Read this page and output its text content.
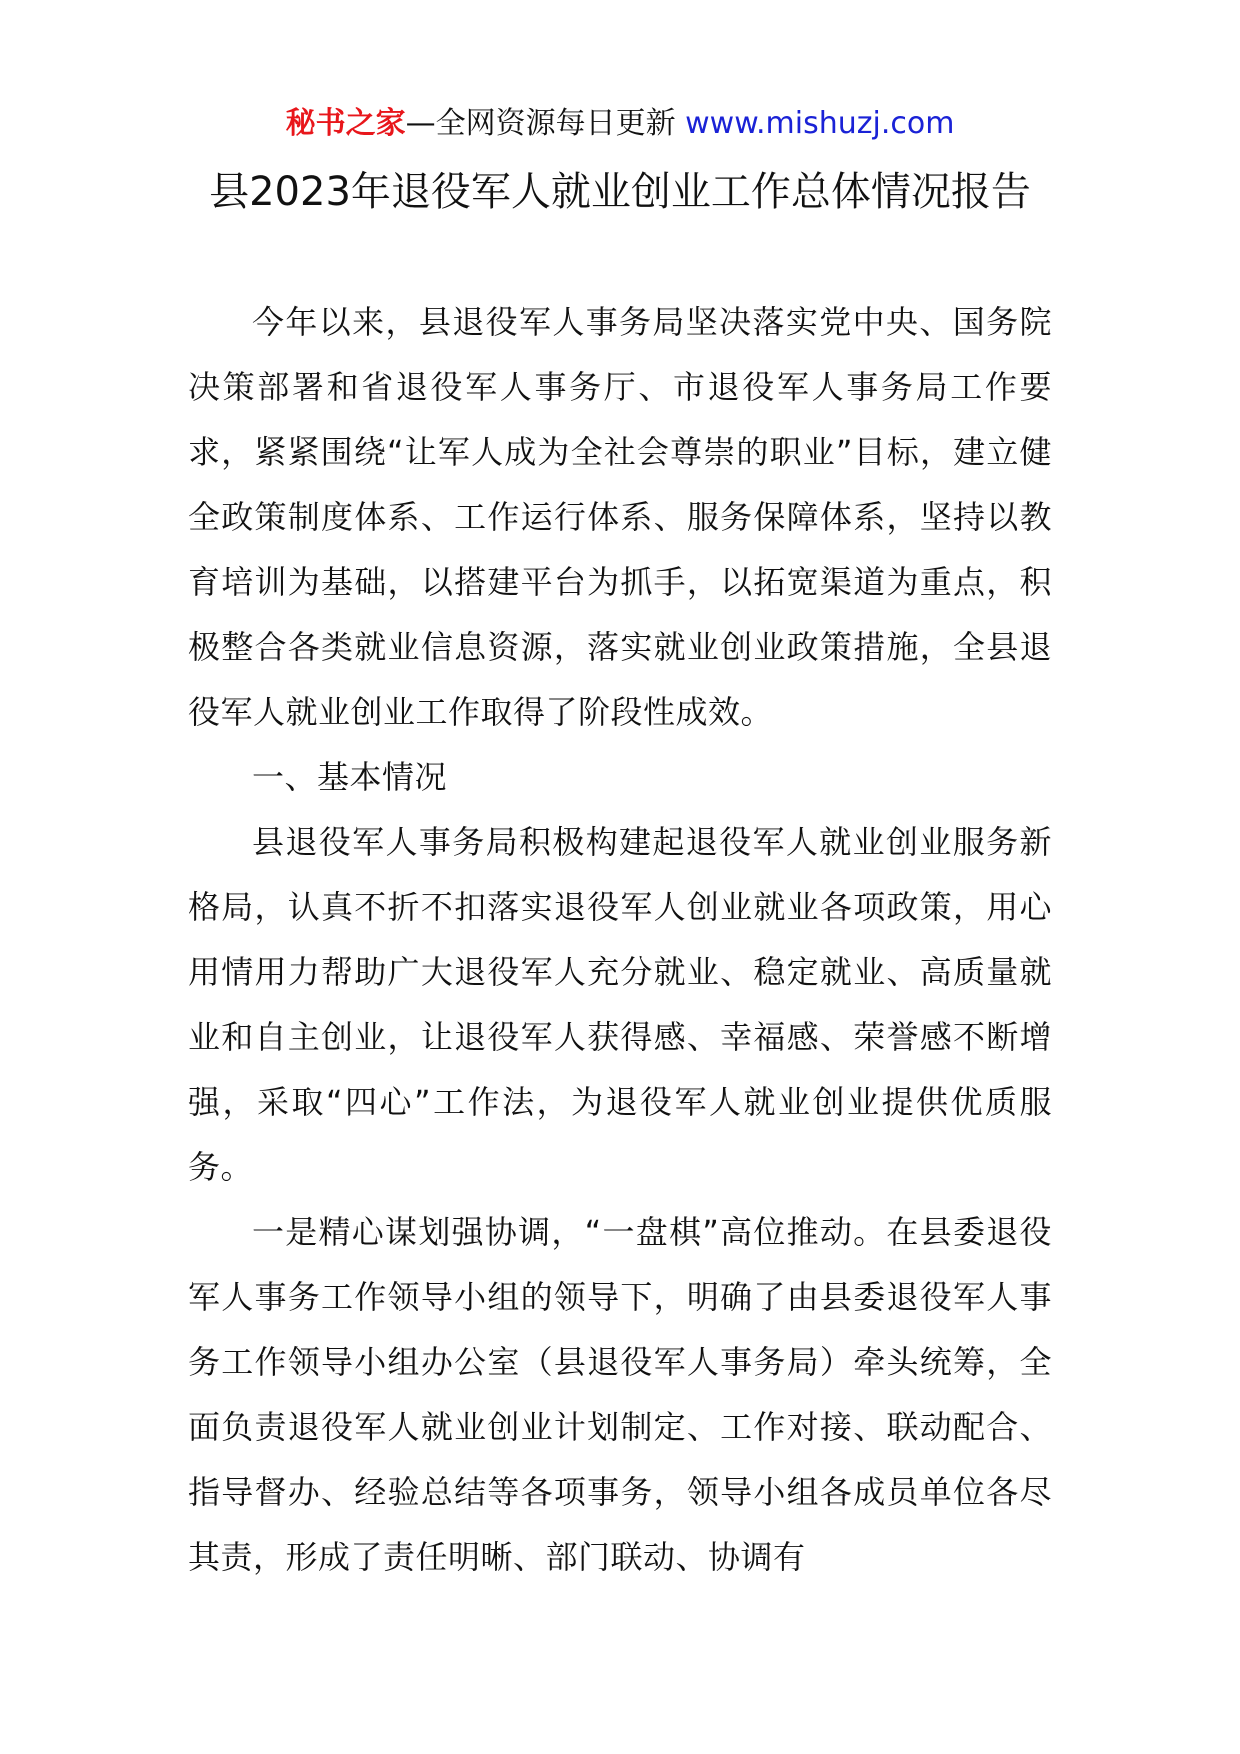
秘书之家—全网资源每日更新 www.mishuzj.com
县2023年退役军人就业创业工作总体情况报告

今年以来，县退役军人事务局坚决落实党中央、国务院决策部署和省退役军人事务厅、市退役军人事务局工作要求，紧紧围绕“让军人成为全社会尊崇的职业”目标，建立健全政策制度体系、工作运行体系、服务保障体系，坚持以教育培训为基础，以搭建平台为抓手，以拓宽渠道为重点，积极整合各类就业信息资源，落实就业创业政策措施，全县退役军人就业创业工作取得了阶段性成效。

一、基本情况

县退役军人事务局积极构建起退役军人就业创业服务新格局，认真不折不扣落实退役军人创业就业各项政策，用心用情用力帮助广大退役军人充分就业、稳定就业、高质量就业和自主创业，让退役军人获得感、幸福感、荣誉感不断增强，采取“四心”工作法，为退役军人就业创业提供优质服务。

一是精心谋划强协调，“一盘棋”高位推动。在县委退役军人事务工作领导小组的领导下，明确了由县委退役军人事务工作领导小组办公室（县退役军人事务局）牵头统筹，全面负责退役军人就业创业计划制定、工作对接、联动配合、指导督办、经验总结等各项事务，领导小组各成员单位各尽其责，形成了责任明晰、部门联动、协调有
